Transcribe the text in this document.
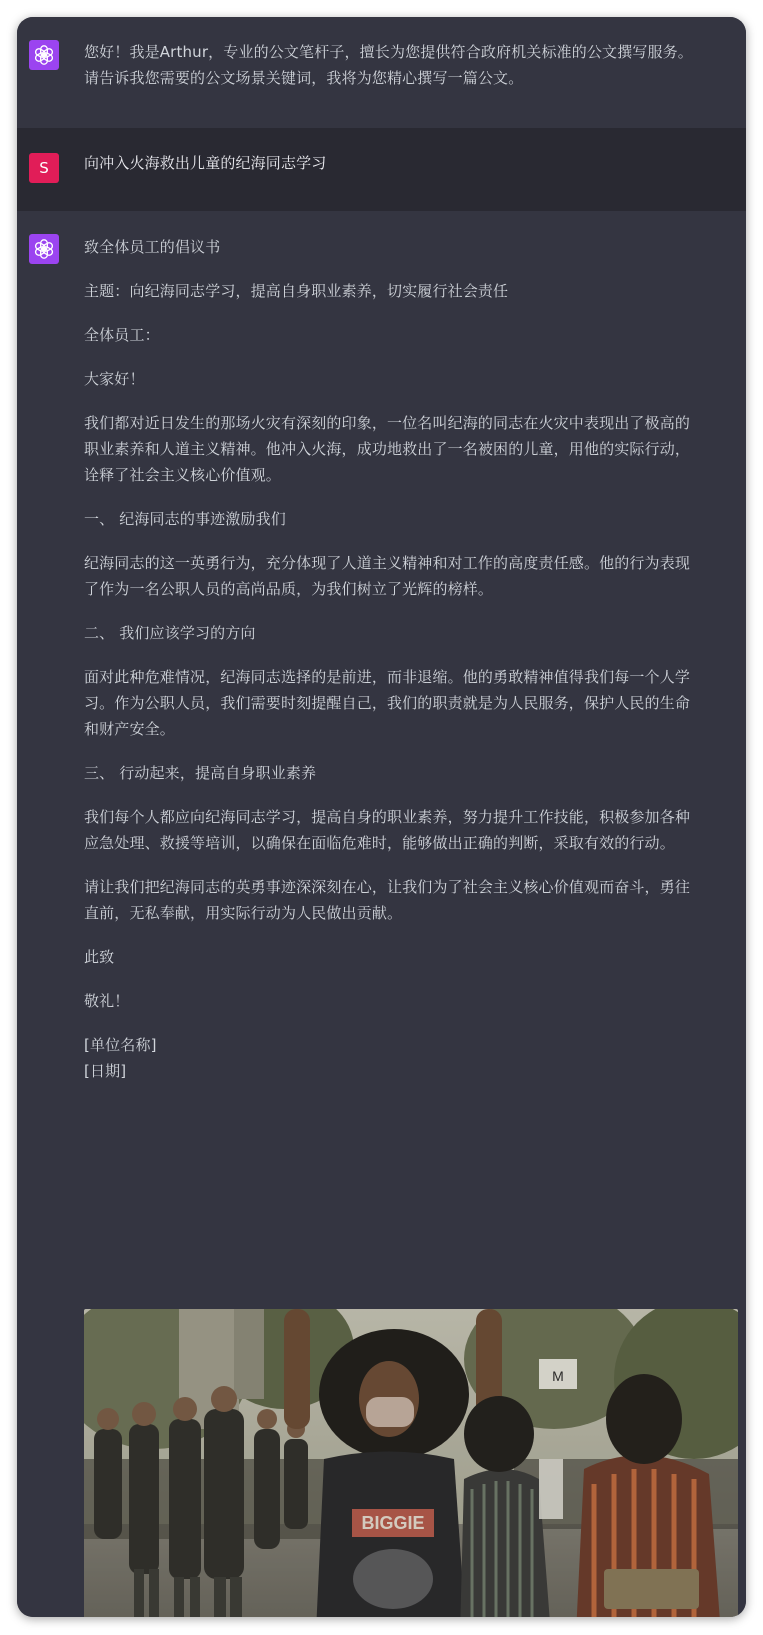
您好！我是Arthur，专业的公文笔杆子，擅长为您提供符合政府机关标准的公文撰写服务。
请告诉我您需要的公文场景关键词，我将为您精心撰写一篇公文。
S	向冲入火海救出儿童的纪海同志学习

致全体员工的倡议书

主题：向纪海同志学习，提高自身职业素养，切实履行社会责任

全体员工：

大家好！

我们都对近日发生的那场火灾有深刻的印象，一位名叫纪海的同志在火灾中表现出了极高的
职业素养和人道主义精神。他冲入火海，成功地救出了一名被困的儿童，用他的实际行动，
诠释了社会主义核心价值观。

一、 纪海同志的事迹激励我们

纪海同志的这一英勇行为，充分体现了人道主义精神和对工作的高度责任感。他的行为表现
了作为一名公职人员的高尚品质，为我们树立了光辉的榜样。

二、 我们应该学习的方向

面对此种危难情况，纪海同志选择的是前进，而非退缩。他的勇敢精神值得我们每一个人学
习。作为公职人员，我们需要时刻提醒自己，我们的职责就是为人民服务，保护人民的生命
和财产安全。

三、 行动起来，提高自身职业素养

我们每个人都应向纪海同志学习，提高自身的职业素养，努力提升工作技能，积极参加各种
应急处理、救援等培训，以确保在面临危难时，能够做出正确的判断，采取有效的行动。

请让我们把纪海同志的英勇事迹深深刻在心，让我们为了社会主义核心价值观而奋斗，勇往
直前，无私奉献，用实际行动为人民做出贡献。

此致

敬礼！

[单位名称]

[日期]

M
BIGGIE
